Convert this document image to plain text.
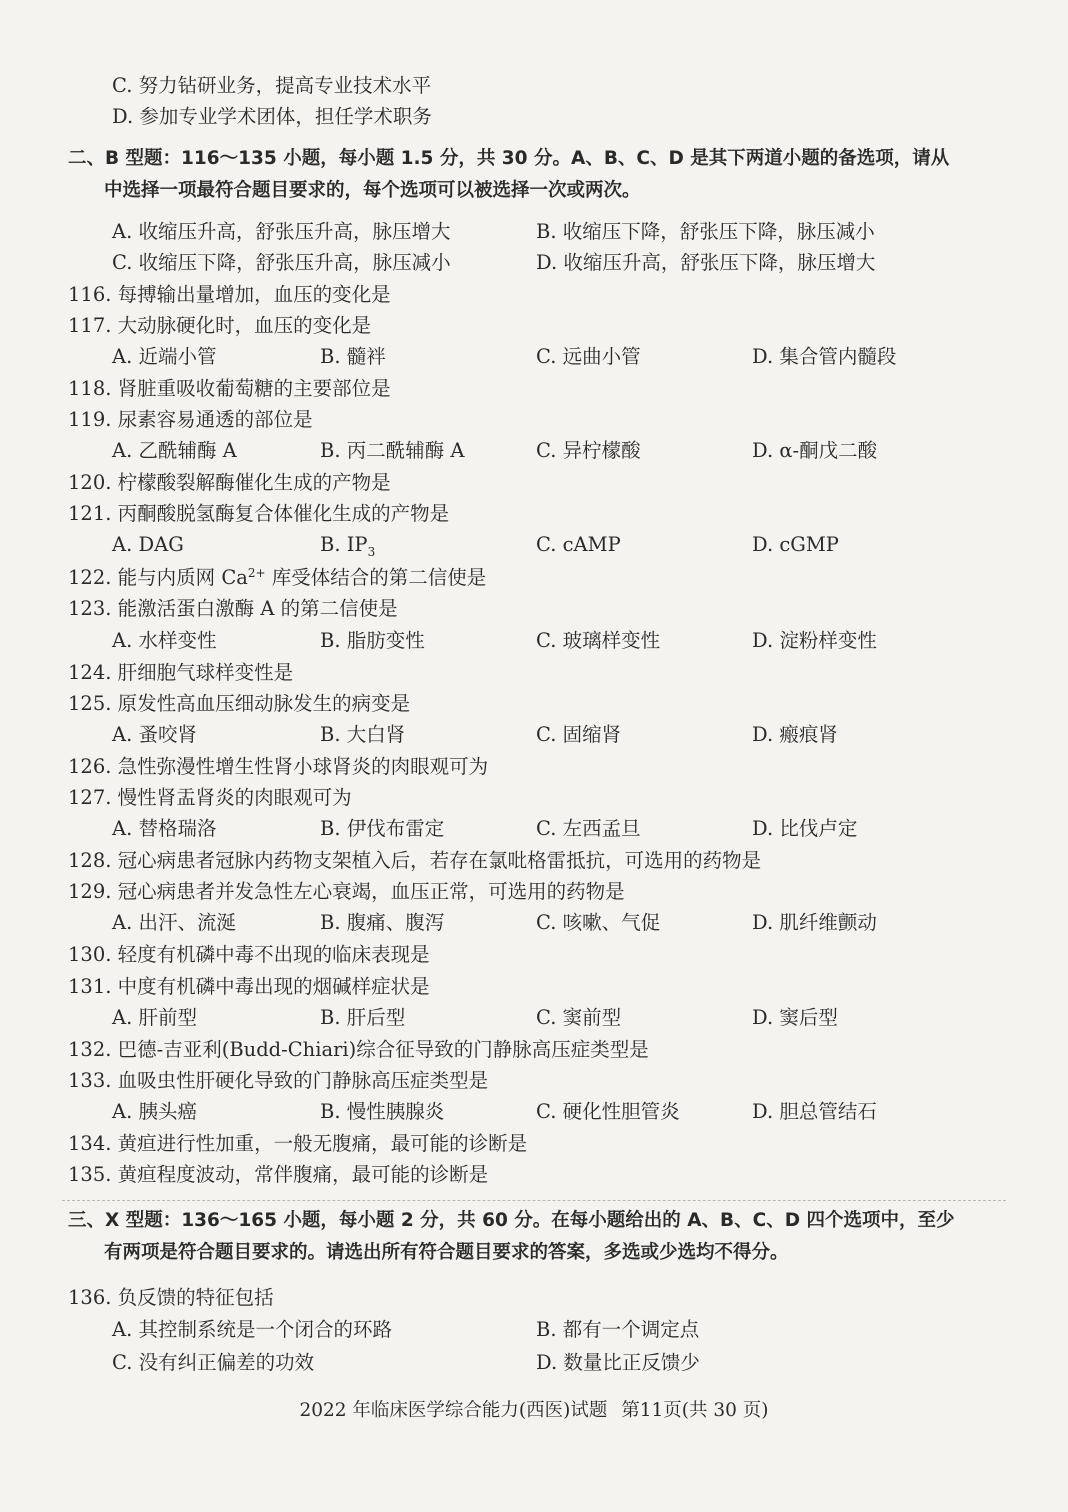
C. 努力钻研业务，提高专业技术水平
D. 参加专业学术团体，担任学术职务
二、B 型题：116～135 小题，每小题 1.5 分，共 30 分。A、B、C、D 是其下两道小题的备选项，请从
中选择一项最符合题目要求的，每个选项可以被选择一次或两次。
A. 收缩压升高，舒张压升高，脉压增大	B. 收缩压下降，舒张压下降，脉压减小
C. 收缩压下降，舒张压升高，脉压减小	D. 收缩压升高，舒张压下降，脉压增大
116. 每搏输出量增加，血压的变化是
117. 大动脉硬化时，血压的变化是
A. 近端小管	B. 髓袢	C. 远曲小管	D. 集合管内髓段
118. 肾脏重吸收葡萄糖的主要部位是
119. 尿素容易通透的部位是
A. 乙酰辅酶 A	B. 丙二酰辅酶 A	C. 异柠檬酸	D. α-酮戊二酸
120. 柠檬酸裂解酶催化生成的产物是
121. 丙酮酸脱氢酶复合体催化生成的产物是
A. DAG	B. $IP_3$	C. cAMP	D. cGMP
122. 能与内质网 $Ca^{2+}$ 库受体结合的第二信使是
123. 能激活蛋白激酶 A 的第二信使是
A. 水样变性	B. 脂肪变性	C. 玻璃样变性	D. 淀粉样变性
124. 肝细胞气球样变性是
125. 原发性高血压细动脉发生的病变是
A. 蚤咬肾	B. 大白肾	C. 固缩肾	D. 瘢痕肾
126. 急性弥漫性增生性肾小球肾炎的肉眼观可为
127. 慢性肾盂肾炎的肉眼观可为
A. 替格瑞洛	B. 伊伐布雷定	C. 左西孟旦	D. 比伐卢定
128. 冠心病患者冠脉内药物支架植入后，若存在氯吡格雷抵抗，可选用的药物是
129. 冠心病患者并发急性左心衰竭，血压正常，可选用的药物是
A. 出汗、流涎	B. 腹痛、腹泻	C. 咳嗽、气促	D. 肌纤维颤动
130. 轻度有机磷中毒不出现的临床表现是
131. 中度有机磷中毒出现的烟碱样症状是
A. 肝前型	B. 肝后型	C. 窦前型	D. 窦后型
132. 巴德-吉亚利(Budd-Chiari)综合征导致的门静脉高压症类型是
133. 血吸虫性肝硬化导致的门静脉高压症类型是
A. 胰头癌	B. 慢性胰腺炎	C. 硬化性胆管炎	D. 胆总管结石
134. 黄疸进行性加重，一般无腹痛，最可能的诊断是
135. 黄疸程度波动，常伴腹痛，最可能的诊断是
三、X 型题：136～165 小题，每小题 2 分，共 60 分。在每小题给出的 A、B、C、D 四个选项中，至少
有两项是符合题目要求的。请选出所有符合题目要求的答案，多选或少选均不得分。
136. 负反馈的特征包括
A. 其控制系统是一个闭合的环路	B. 都有一个调定点
C. 没有纠正偏差的功效	D. 数量比正反馈少
2022 年临床医学综合能力(西医)试题 第11页(共 30 页)
